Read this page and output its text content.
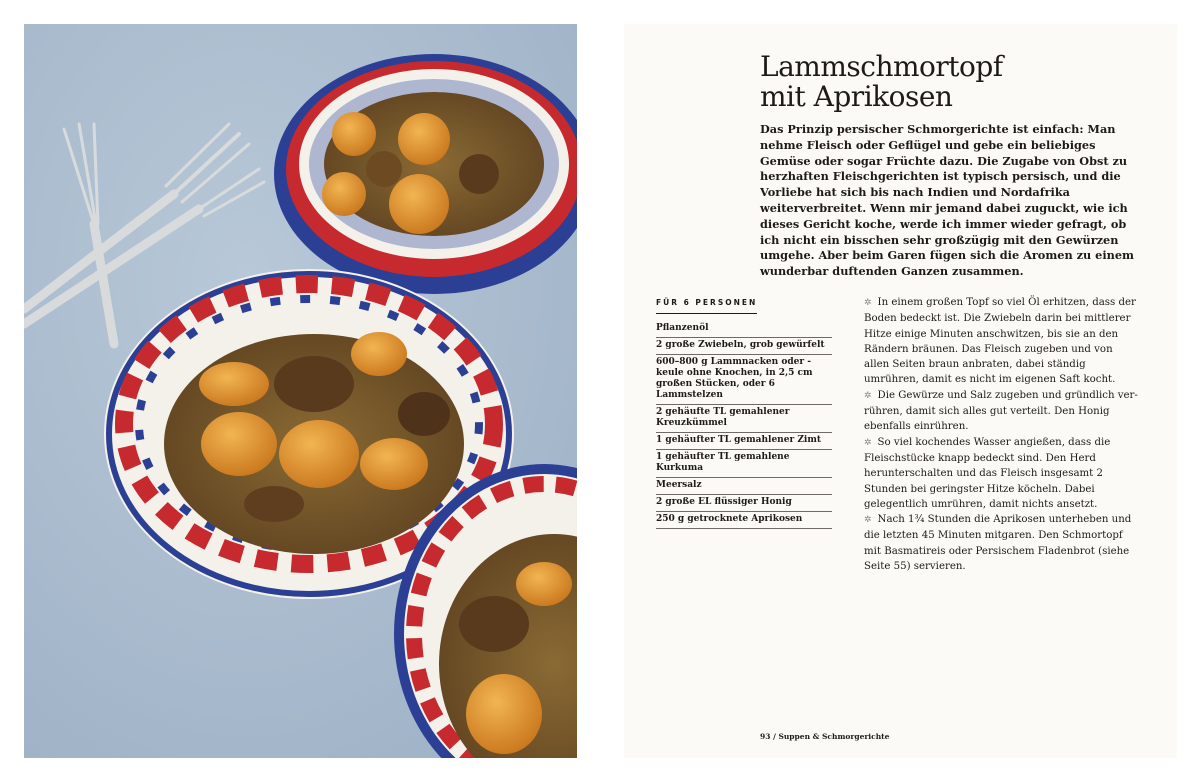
Lammschmortopf
mit Aprikosen

Das Prinzip persischer Schmorgerichte ist einfach: Man nehme Fleisch oder Geflügel und gebe ein beliebiges Gemüse oder sogar Früchte dazu. Die Zugabe von Obst zu herzhaften Fleischgerichten ist typisch persisch, und die Vorliebe hat sich bis nach Indien und Nordafrika weiterverbreitet. Wenn mir jemand dabei zuguckt, wie ich dieses Gericht koche, werde ich immer wieder gefragt, ob ich nicht ein bisschen sehr großzügig mit den Gewürzen umgehe. Aber beim Garen fügen sich die Aromen zu einem wunderbar duftenden Ganzen zusammen.

FÜR 6 PERSONEN
Pflanzenöl
2 große Zwiebeln, grob gewürfelt
600–800 g Lammnacken oder -keule ohne Knochen, in 2,5 cm großen Stücken, oder 6 Lammstelzen
2 gehäufte TL gemahlener Kreuzkümmel
1 gehäufter TL gemahlener Zimt
1 gehäufter TL gemahlene Kurkuma
Meersalz
2 große EL flüssiger Honig
250 g getrocknete Aprikosen

✲ In einem großen Topf so viel Öl erhitzen, dass der Boden bedeckt ist. Die Zwiebeln darin bei mittlerer Hitze einige Minuten anschwitzen, bis sie an den Rändern bräunen. Das Fleisch zugeben und von allen Seiten braun anbraten, dabei ständig umrühren, damit es nicht im eigenen Saft kocht.

✲ Die Gewürze und Salz zugeben und gründlich verrühren, damit sich alles gut verteilt. Den Honig ebenfalls einrühren.

✲ So viel kochendes Wasser angießen, dass die Fleischstücke knapp bedeckt sind. Den Herd herunterschalten und das Fleisch insgesamt 2 Stunden bei geringster Hitze köcheln. Dabei gelegentlich umrühren, damit nichts ansetzt.

✲ Nach 1¾ Stunden die Aprikosen unterheben und die letzten 45 Minuten mitgaren. Den Schmortopf mit Basmatireis oder Persischem Fladenbrot (siehe Seite 55) servieren.

93 / Suppen & Schmorgerichte
